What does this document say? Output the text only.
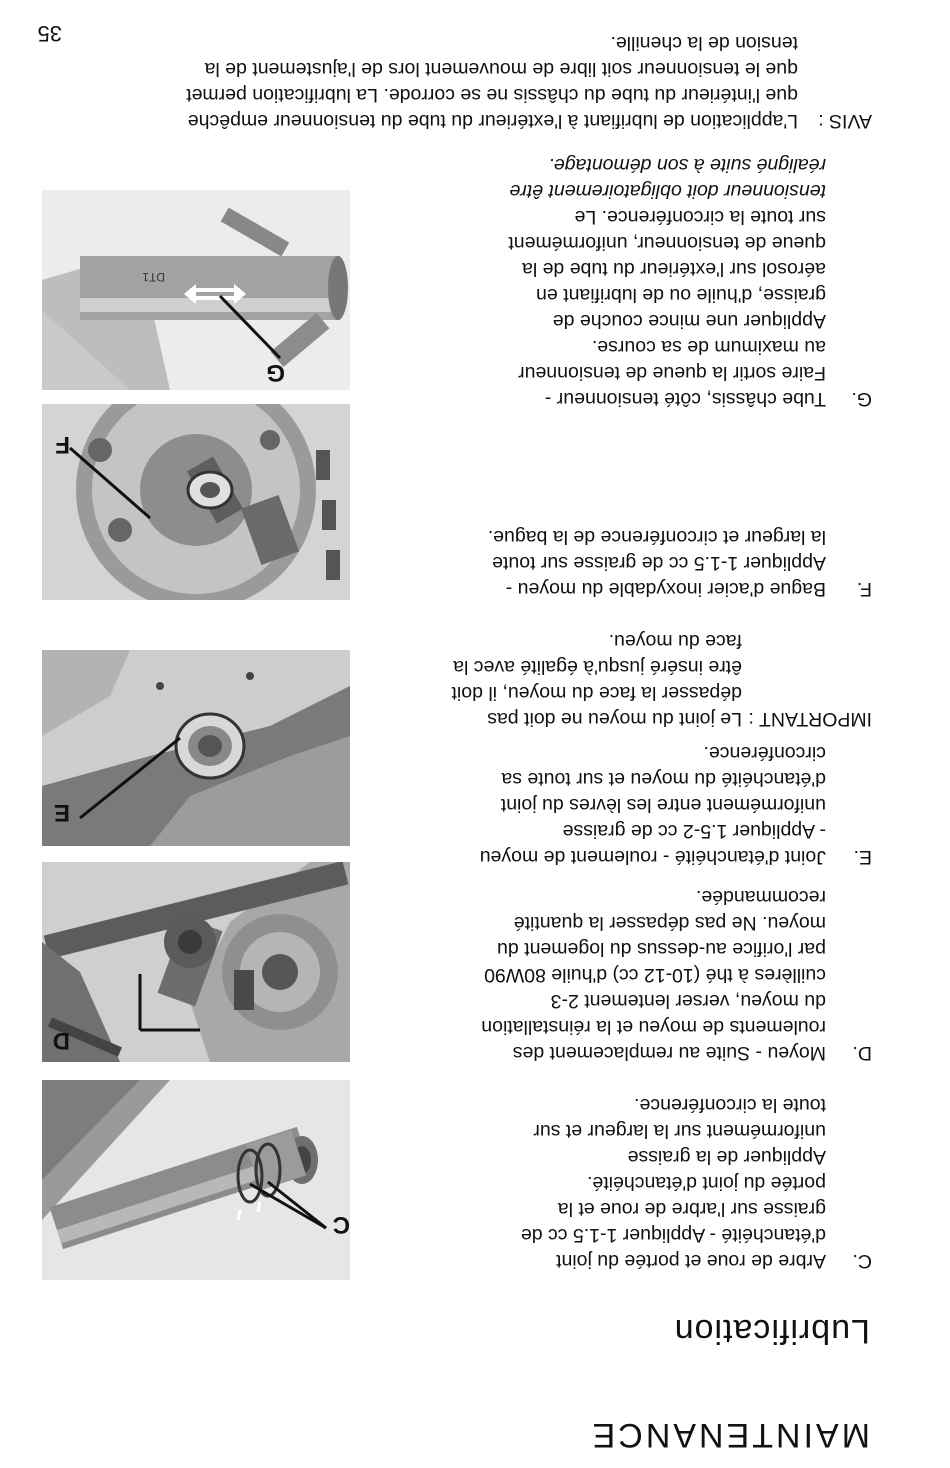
MAINTENANCE
Lubrification
C.
Arbre de roue et portée du joint
d'étanchéité - Appliquer 1-1.5 cc de
graisse sur l'arbre de roue et la
portée du joint d'étanchéité.
Appliquer de la graisse
uniformément sur la largeur et sur
toute la circonférence.
D.
Moyeu - Suite au remplacement des
roulements de moyeu et la réinstallation
du moyeu, verser lentement 2-3
cuillères à thé (10-12 cc) d'huile 80W90
par l'orifice au-dessus du logement du
moyeu. Ne pas dépasser la quantité
recommandée.
E.
Joint d'étanchéité - roulement de moyeu
- Appliquer 1.5-2 cc de graisse
uniformément entre les lèvres du joint
d'étanchéité du moyeu et sur toute sa
circonférence.
IMPORTANT :
Le joint du moyeu ne doit pas
dépasser la face du moyeu, il doit
être inséré jusqu'à égalité avec la
face du moyeu.
F.
Bague d'acier inoxydable du moyeu -
Appliquer 1-1.5 cc de graisse sur toute
la largeur et circonférence de la bague.
G.
Tube châssis, côté tensionneur -
Faire sortir la queue de tensionneur
au maximum de sa course.
Appliquer une mince couche de
graisse, d'huile ou de lubrifiant en
aérosol sur l'extérieur du tube de la
queue de tensionneur, uniformément
sur toute la circonférence. Le
tensionneur doit obligatoirement être
réaligné suite à son démontage.
AVIS :
L'application de lubrifiant à l'extérieur du tube du tensionneur empêche
que l'intérieur du tube du châssis ne se corrode. La lubrification permet
que le tensionneur soit libre de mouvement lors de l'ajustement de la
tension de la chenille.
C
D
E
F
DT1
G
35
